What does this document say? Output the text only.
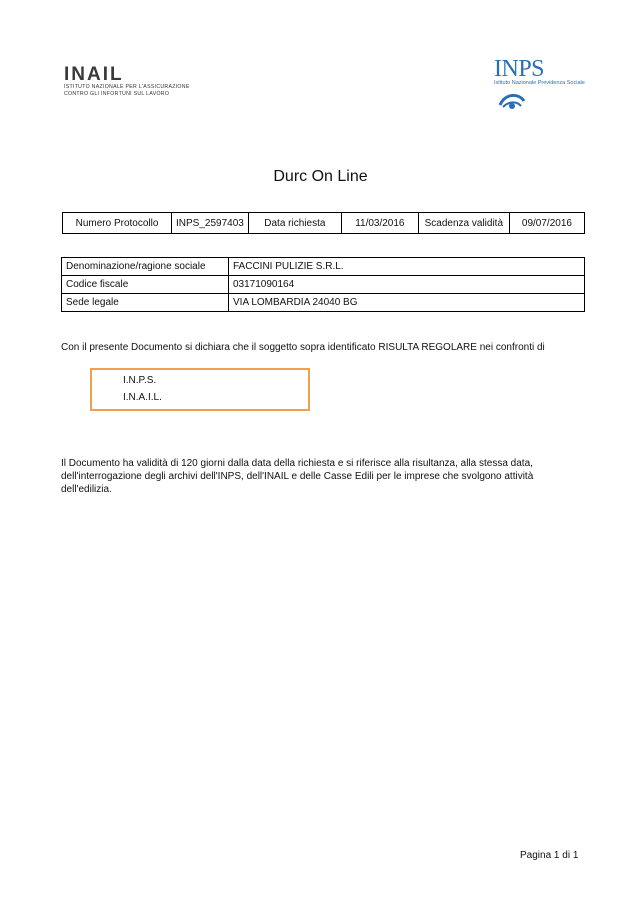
INAIL
ISTITUTO NAZIONALE PER L'ASSICURAZIONE
CONTRO GLI INFORTUNI SUL LAVORO
INPS
Istituto Nazionale Previdenza Sociale
Durc On Line
Numero Protocollo	INPS_2597403	Data richiesta	11/03/2016	Scadenza validità	09/07/2016
Denominazione/ragione sociale	FACCINI PULIZIE S.R.L.
Codice fiscale	03171090164
Sede legale	VIA LOMBARDIA 24040 BG
Con il presente Documento si dichiara che il soggetto sopra identificato RISULTA REGOLARE nei confronti di
I.N.P.S.
I.N.A.I.L.
Il Documento ha validità di 120 giorni dalla data della richiesta e si riferisce alla risultanza, alla stessa data,
dell'interrogazione degli archivi dell'INPS, dell'INAIL e delle Casse Edili per le imprese che svolgono attività
dell'edilizia.
Pagina 1 di 1
